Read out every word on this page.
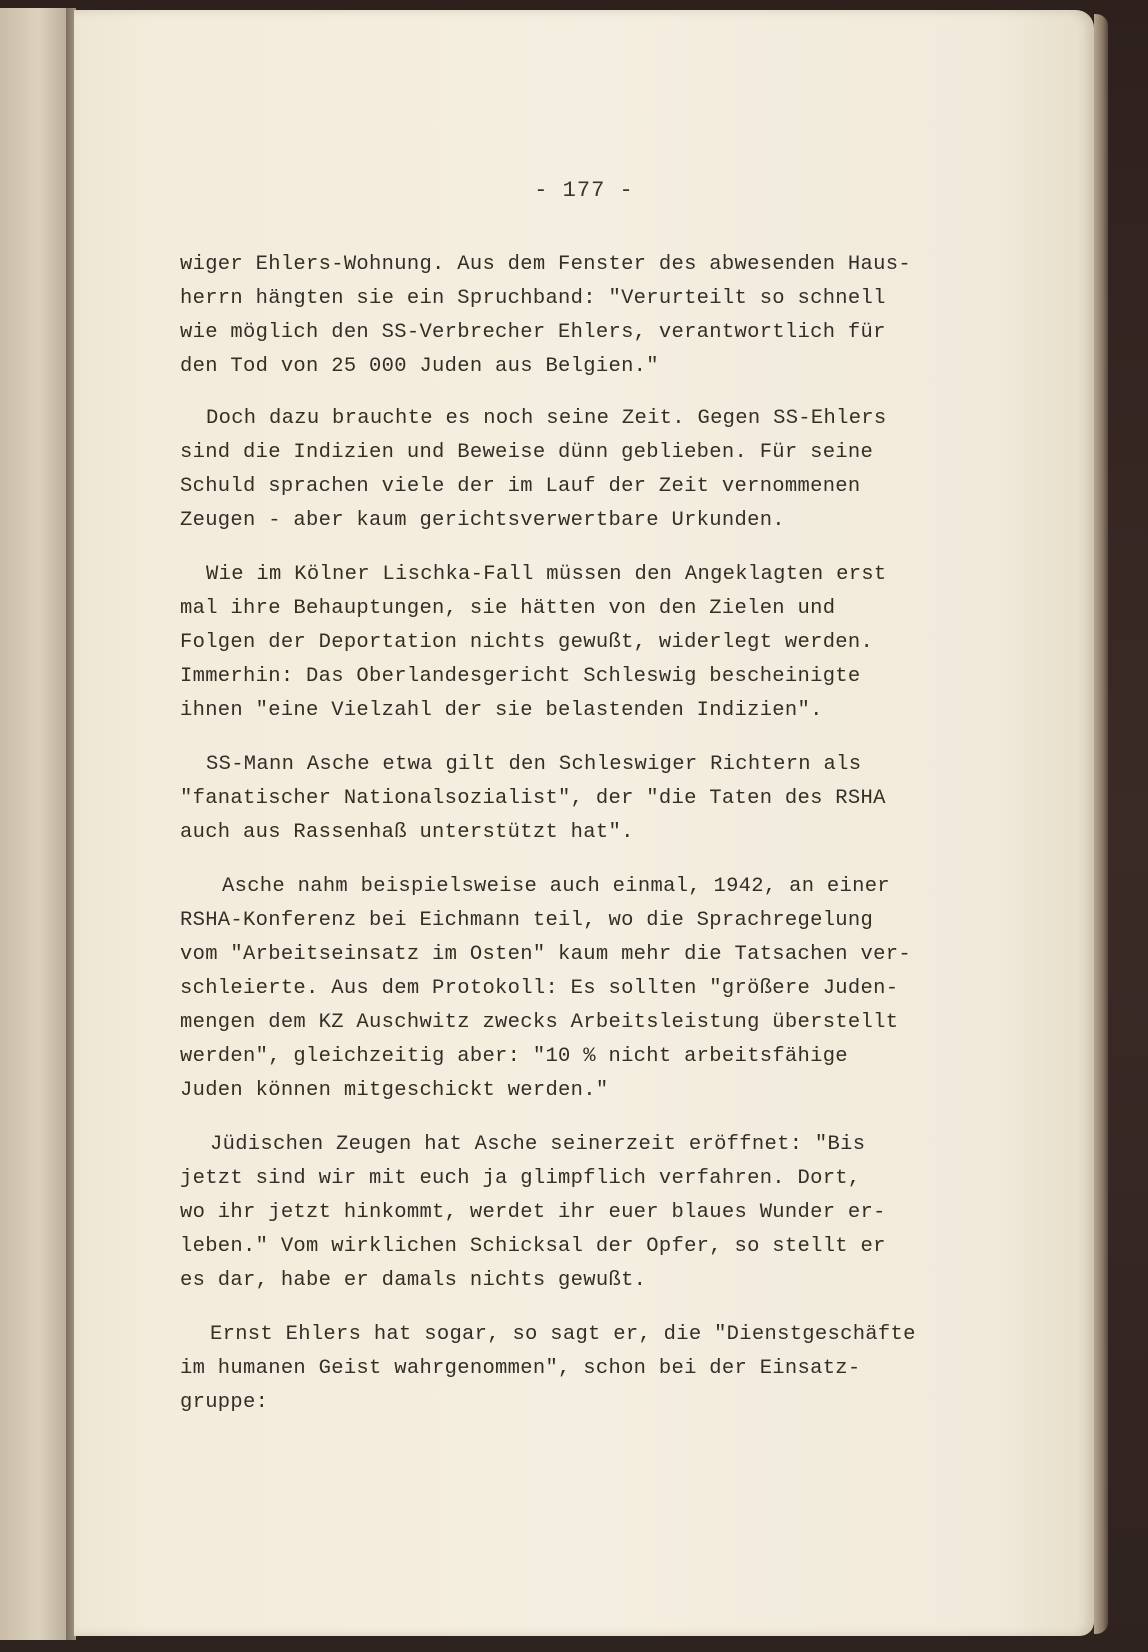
- 177 -
wiger Ehlers-Wohnung. Aus dem Fenster des abwesenden Haus-
herrn hängten sie ein Spruchband: "Verurteilt so schnell
wie möglich den SS-Verbrecher Ehlers, verantwortlich für
den Tod von 25 000 Juden aus Belgien."
Doch dazu brauchte es noch seine Zeit. Gegen SS-Ehlers
sind die Indizien und Beweise dünn geblieben. Für seine
Schuld sprachen viele der im Lauf der Zeit vernommenen
Zeugen - aber kaum gerichtsverwertbare Urkunden.
Wie im Kölner Lischka-Fall müssen den Angeklagten erst
mal ihre Behauptungen, sie hätten von den Zielen und
Folgen der Deportation nichts gewußt, widerlegt werden.
Immerhin: Das Oberlandesgericht Schleswig bescheinigte
ihnen "eine Vielzahl der sie belastenden Indizien".
SS-Mann Asche etwa gilt den Schleswiger Richtern als
"fanatischer Nationalsozialist", der "die Taten des RSHA
auch aus Rassenhaß unterstützt hat".
Asche nahm beispielsweise auch einmal, 1942, an einer
RSHA-Konferenz bei Eichmann teil, wo die Sprachregelung
vom "Arbeitseinsatz im Osten" kaum mehr die Tatsachen ver-
schleierte. Aus dem Protokoll: Es sollten "größere Juden-
mengen dem KZ Auschwitz zwecks Arbeitsleistung überstellt
werden", gleichzeitig aber: "10 % nicht arbeitsfähige
Juden können mitgeschickt werden."
Jüdischen Zeugen hat Asche seinerzeit eröffnet: "Bis
jetzt sind wir mit euch ja glimpflich verfahren. Dort,
wo ihr jetzt hinkommt, werdet ihr euer blaues Wunder er-
leben." Vom wirklichen Schicksal der Opfer, so stellt er
es dar, habe er damals nichts gewußt.
Ernst Ehlers hat sogar, so sagt er, die "Dienstgeschäfte
im humanen Geist wahrgenommen", schon bei der Einsatz-
gruppe:
